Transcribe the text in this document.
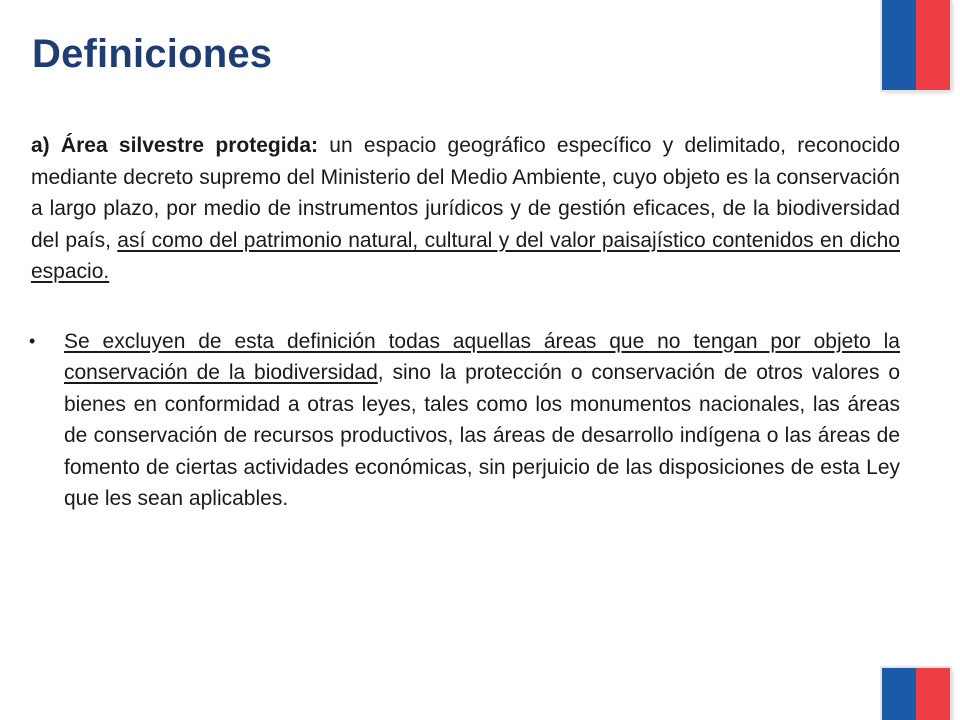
Definiciones

a) Área silvestre protegida: un espacio geográfico específico y delimitado, reconocido mediante decreto supremo del Ministerio del Medio Ambiente, cuyo objeto es la conservación a largo plazo, por medio de instrumentos jurídicos y de gestión eficaces, de la biodiversidad del país, así como del patrimonio natural, cultural y del valor paisajístico contenidos en dicho espacio.

• Se excluyen de esta definición todas aquellas áreas que no tengan por objeto la conservación de la biodiversidad, sino la protección o conservación de otros valores o bienes en conformidad a otras leyes, tales como los monumentos nacionales, las áreas de conservación de recursos productivos, las áreas de desarrollo indígena o las áreas de fomento de ciertas actividades económicas, sin perjuicio de las disposiciones de esta Ley que les sean aplicables.
